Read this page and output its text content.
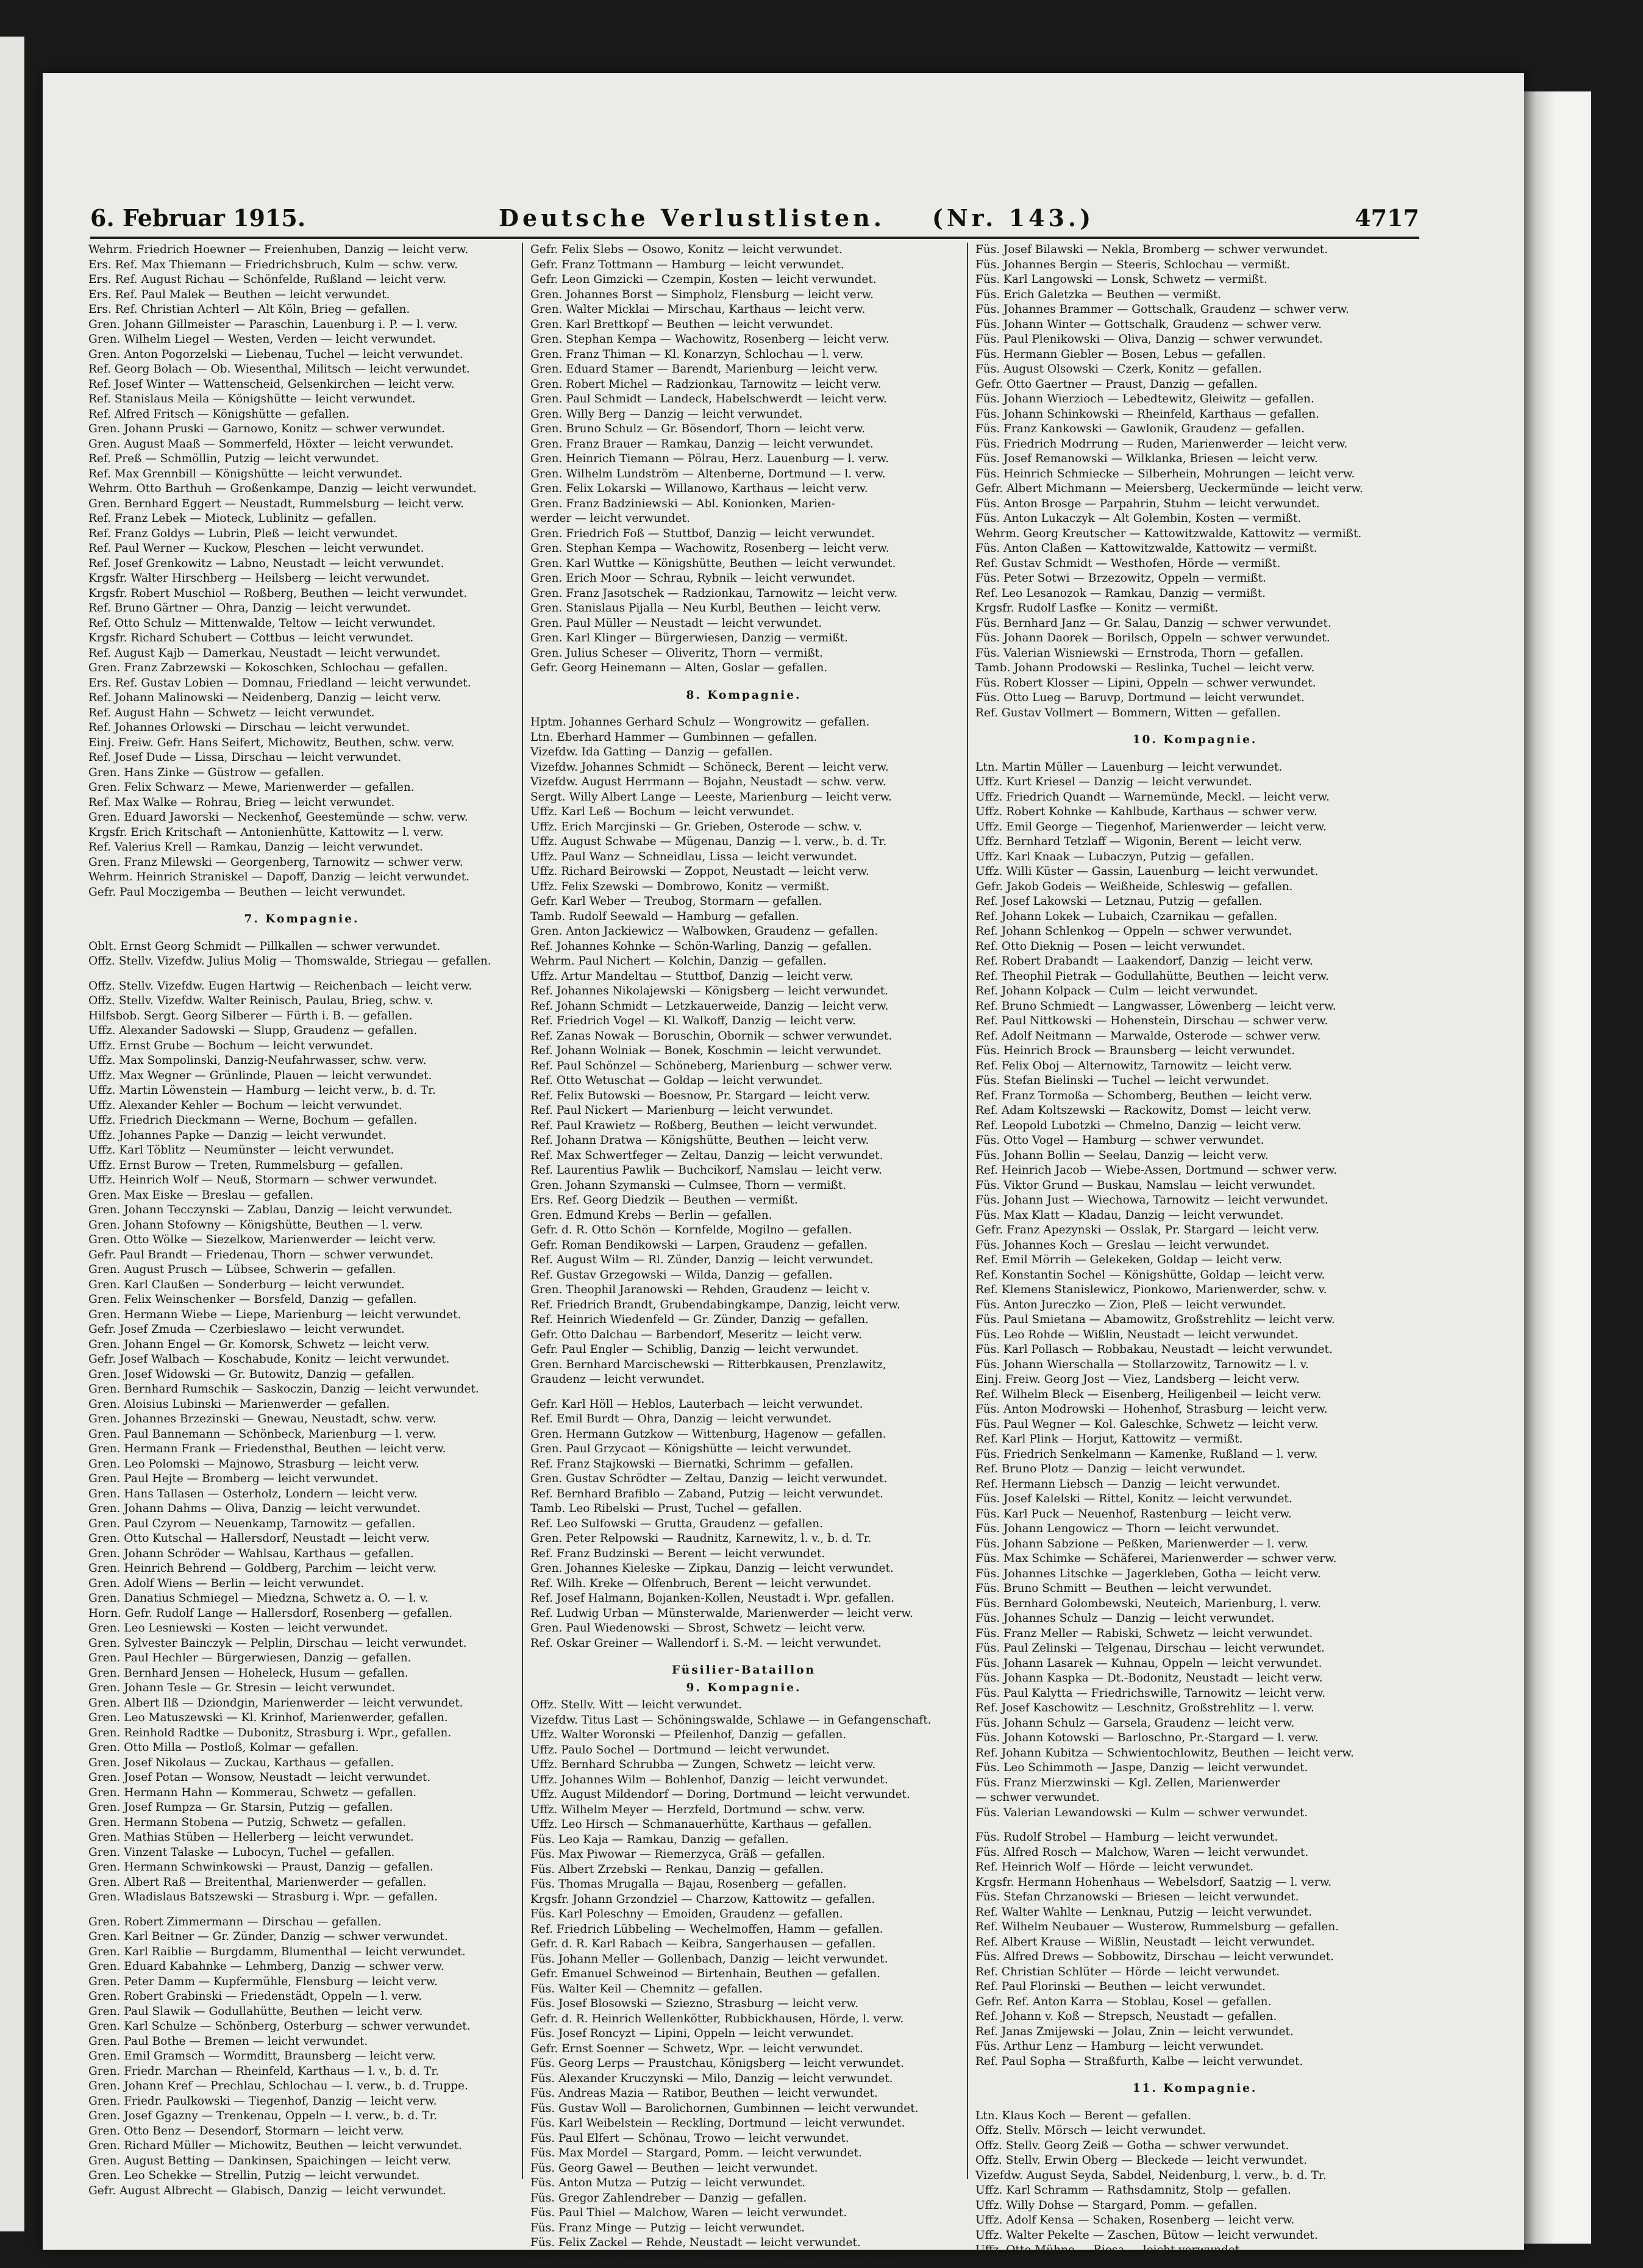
6. Februar 1915.	Deutsche Verlustlisten. (Nr. 143.)	4717
Wehrm. Friedrich Hoewner — Freienhuben, Danzig — leicht verw.
Ers. Ref. Max Thiemann — Friedrichsbruch, Kulm — schw. verw.
Ers. Ref. August Richau — Schönfelde, Rußland — leicht verw.
Ers. Ref. Paul Malek — Beuthen — leicht verwundet.
Ers. Ref. Christian Achterl — Alt Köln, Brieg — gefallen.
Gren. Johann Gillmeister — Paraschin, Lauenburg i. P. — l. verw.
Gren. Wilhelm Liegel — Westen, Verden — leicht verwundet.
Gren. Anton Pogorzelski — Liebenau, Tuchel — leicht verwundet.
Ref. Georg Bolach — Ob. Wiesenthal, Militsch — leicht verwundet.
Ref. Josef Winter — Wattenscheid, Gelsenkirchen — leicht verw.
Ref. Stanislaus Meila — Königshütte — leicht verwundet.
Ref. Alfred Fritsch — Königshütte — gefallen.
Gren. Johann Pruski — Garnowo, Konitz — schwer verwundet.
Gren. August Maaß — Sommerfeld, Höxter — leicht verwundet.
Ref. Preß — Schmöllin, Putzig — leicht verwundet.
Ref. Max Grennbill — Königshütte — leicht verwundet.
Wehrm. Otto Barthuh — Großenkampe, Danzig — leicht verwundet.
Gren. Bernhard Eggert — Neustadt, Rummelsburg — leicht verw.
Ref. Franz Lebek — Mioteck, Lublinitz — gefallen.
Ref. Franz Goldys — Lubrin, Pleß — leicht verwundet.
Ref. Paul Werner — Kuckow, Pleschen — leicht verwundet.
Ref. Josef Grenkowitz — Labno, Neustadt — leicht verwundet.
Krgsfr. Walter Hirschberg — Heilsberg — leicht verwundet.
Krgsfr. Robert Muschiol — Roßberg, Beuthen — leicht verwundet.
Ref. Bruno Gärtner — Ohra, Danzig — leicht verwundet.
Ref. Otto Schulz — Mittenwalde, Teltow — leicht verwundet.
Krgsfr. Richard Schubert — Cottbus — leicht verwundet.
Ref. August Kajb — Damerkau, Neustadt — leicht verwundet.
Gren. Franz Zabrzewski — Kokoschken, Schlochau — gefallen.
Ers. Ref. Gustav Lobien — Domnau, Friedland — leicht verwundet.
Ref. Johann Malinowski — Neidenberg, Danzig — leicht verw.
Ref. August Hahn — Schwetz — leicht verwundet.
Ref. Johannes Orlowski — Dirschau — leicht verwundet.
Einj. Freiw. Gefr. Hans Seifert, Michowitz, Beuthen, schw. verw.
Ref. Josef Dude — Lissa, Dirschau — leicht verwundet.
Gren. Hans Zinke — Güstrow — gefallen.
Gren. Felix Schwarz — Mewe, Marienwerder — gefallen.
Ref. Max Walke — Rohrau, Brieg — leicht verwundet.
Gren. Eduard Jaworski — Neckenhof, Geestemünde — schw. verw.
Krgsfr. Erich Kritschaft — Antonienhütte, Kattowitz — l. verw.
Ref. Valerius Krell — Ramkau, Danzig — leicht verwundet.
Gren. Franz Milewski — Georgenberg, Tarnowitz — schwer verw.
Wehrm. Heinrich Straniskel — Dapoff, Danzig — leicht verwundet.
Gefr. Paul Moczigemba — Beuthen — leicht verwundet.
7. Kompagnie.
Oblt. Ernst Georg Schmidt — Pillkallen — schwer verwundet.
Offz. Stellv. Vizefdw. Julius Molig — Thomswalde, Striegau — gefallen.
Offz. Stellv. Vizefdw. Eugen Hartwig — Reichenbach — leicht verw.
Offz. Stellv. Vizefdw. Walter Reinisch, Paulau, Brieg, schw. v.
Hilfsbob. Sergt. Georg Silberer — Fürth i. B. — gefallen.
Uffz. Alexander Sadowski — Slupp, Graudenz — gefallen.
Uffz. Ernst Grube — Bochum — leicht verwundet.
Uffz. Max Sompolinski, Danzig-Neufahrwasser, schw. verw.
Uffz. Max Wegner — Grünlinde, Plauen — leicht verwundet.
Uffz. Martin Löwenstein — Hamburg — leicht verw., b. d. Tr.
Uffz. Alexander Kehler — Bochum — leicht verwundet.
Uffz. Friedrich Dieckmann — Werne, Bochum — gefallen.
Uffz. Johannes Papke — Danzig — leicht verwundet.
Uffz. Karl Töblitz — Neumünster — leicht verwundet.
Uffz. Ernst Burow — Treten, Rummelsburg — gefallen.
Uffz. Heinrich Wolf — Neuß, Stormarn — schwer verwundet.
Gren. Max Eiske — Breslau — gefallen.
Gren. Johann Tecczynski — Zablau, Danzig — leicht verwundet.
Gren. Johann Stofowny — Königshütte, Beuthen — l. verw.
Gren. Otto Wölke — Siezelkow, Marienwerder — leicht verw.
Gefr. Paul Brandt — Friedenau, Thorn — schwer verwundet.
Gren. August Prusch — Lübsee, Schwerin — gefallen.
Gren. Karl Claußen — Sonderburg — leicht verwundet.
Gren. Felix Weinschenker — Borsfeld, Danzig — gefallen.
Gren. Hermann Wiebe — Liepe, Marienburg — leicht verwundet.
Gefr. Josef Zmuda — Czerbieslawo — leicht verwundet.
Gren. Johann Engel — Gr. Komorsk, Schwetz — leicht verw.
Gefr. Josef Walbach — Koschabude, Konitz — leicht verwundet.
Gren. Josef Widowski — Gr. Butowitz, Danzig — gefallen.
Gren. Bernhard Rumschik — Saskoczin, Danzig — leicht verwundet.
Gren. Aloisius Lubinski — Marienwerder — gefallen.
Gren. Johannes Brzezinski — Gnewau, Neustadt, schw. verw.
Gren. Paul Bannemann — Schönbeck, Marienburg — l. verw.
Gren. Hermann Frank — Friedensthal, Beuthen — leicht verw.
Gren. Leo Polomski — Majnowo, Strasburg — leicht verw.
Gren. Paul Hejte — Bromberg — leicht verwundet.
Gren. Hans Tallasen — Osterholz, Londern — leicht verw.
Gren. Johann Dahms — Oliva, Danzig — leicht verwundet.
Gren. Paul Czyrom — Neuenkamp, Tarnowitz — gefallen.
Gren. Otto Kutschal — Hallersdorf, Neustadt — leicht verw.
Gren. Johann Schröder — Wahlsau, Karthaus — gefallen.
Gren. Heinrich Behrend — Goldberg, Parchim — leicht verw.
Gren. Adolf Wiens — Berlin — leicht verwundet.
Gren. Danatius Schmiegel — Miedzna, Schwetz a. O. — l. v.
Horn. Gefr. Rudolf Lange — Hallersdorf, Rosenberg — gefallen.
Gren. Leo Lesniewski — Kosten — leicht verwundet.
Gren. Sylvester Bainczyk — Pelplin, Dirschau — leicht verwundet.
Gren. Paul Hechler — Bürgerwiesen, Danzig — gefallen.
Gren. Bernhard Jensen — Hoheleck, Husum — gefallen.
Gren. Johann Tesle — Gr. Stresin — leicht verwundet.
Gren. Albert Ilß — Dziondgin, Marienwerder — leicht verwundet.
Gren. Leo Matuszewski — Kl. Krinhof, Marienwerder, gefallen.
Gren. Reinhold Radtke — Dubonitz, Strasburg i. Wpr., gefallen.
Gren. Otto Milla — Postloß, Kolmar — gefallen.
Gren. Josef Nikolaus — Zuckau, Karthaus — gefallen.
Gren. Josef Potan — Wonsow, Neustadt — leicht verwundet.
Gren. Hermann Hahn — Kommerau, Schwetz — gefallen.
Gren. Josef Rumpza — Gr. Starsin, Putzig — gefallen.
Gren. Hermann Stobena — Putzig, Schwetz — gefallen.
Gren. Mathias Stüben — Hellerberg — leicht verwundet.
Gren. Vinzent Talaske — Lubocyn, Tuchel — gefallen.
Gren. Hermann Schwinkowski — Praust, Danzig — gefallen.
Gren. Albert Raß — Breitenthal, Marienwerder — gefallen.
Gren. Wladislaus Batszewski — Strasburg i. Wpr. — gefallen.
Gren. Robert Zimmermann — Dirschau — gefallen.
Gren. Karl Beitner — Gr. Zünder, Danzig — schwer verwundet.
Gren. Karl Raiblie — Burgdamm, Blumenthal — leicht verwundet.
Gren. Eduard Kabahnke — Lehmberg, Danzig — schwer verw.
Gren. Peter Damm — Kupfermühle, Flensburg — leicht verw.
Gren. Robert Grabinski — Friedenstädt, Oppeln — l. verw.
Gren. Paul Slawik — Godullahütte, Beuthen — leicht verw.
Gren. Karl Schulze — Schönberg, Osterburg — schwer verwundet.
Gren. Paul Bothe — Bremen — leicht verwundet.
Gren. Emil Gramsch — Wormditt, Braunsberg — leicht verw.
Gren. Friedr. Marchan — Rheinfeld, Karthaus — l. v., b. d. Tr.
Gren. Johann Kref — Prechlau, Schlochau — l. verw., b. d. Truppe.
Gren. Friedr. Paulkowski — Tiegenhof, Danzig — leicht verw.
Gren. Josef Ggazny — Trenkenau, Oppeln — l. verw., b. d. Tr.
Gren. Otto Benz — Desendorf, Stormarn — leicht verw.
Gren. Richard Müller — Michowitz, Beuthen — leicht verwundet.
Gren. August Betting — Dankinsen, Spaichingen — leicht verw.
Gren. Leo Schekke — Strellin, Putzig — leicht verwundet.
Gefr. August Albrecht — Glabisch, Danzig — leicht verwundet.
Gefr. Felix Slebs — Osowo, Konitz — leicht verwundet.
Gefr. Franz Tottmann — Hamburg — leicht verwundet.
Gefr. Leon Gimzicki — Czempin, Kosten — leicht verwundet.
Gren. Johannes Borst — Simpholz, Flensburg — leicht verw.
Gren. Walter Micklai — Mirschau, Karthaus — leicht verw.
Gren. Karl Brettkopf — Beuthen — leicht verwundet.
Gren. Stephan Kempa — Wachowitz, Rosenberg — leicht verw.
Gren. Franz Thiman — Kl. Konarzyn, Schlochau — l. verw.
Gren. Eduard Stamer — Barendt, Marienburg — leicht verw.
Gren. Robert Michel — Radzionkau, Tarnowitz — leicht verw.
Gren. Paul Schmidt — Landeck, Habelschwerdt — leicht verw.
Gren. Willy Berg — Danzig — leicht verwundet.
Gren. Bruno Schulz — Gr. Bösendorf, Thorn — leicht verw.
Gren. Franz Brauer — Ramkau, Danzig — leicht verwundet.
Gren. Heinrich Tiemann — Pölrau, Herz. Lauenburg — l. verw.
Gren. Wilhelm Lundström — Altenberne, Dortmund — l. verw.
Gren. Felix Lokarski — Willanowo, Karthaus — leicht verw.
Gren. Franz Badziniewski — Abl. Konionken, Marien-
werder — leicht verwundet.
Gren. Friedrich Foß — Stuttbof, Danzig — leicht verwundet.
Gren. Stephan Kempa — Wachowitz, Rosenberg — leicht verw.
Gren. Karl Wuttke — Königshütte, Beuthen — leicht verwundet.
Gren. Erich Moor — Schrau, Rybnik — leicht verwundet.
Gren. Franz Jasotschek — Radzionkau, Tarnowitz — leicht verw.
Gren. Stanislaus Pijalla — Neu Kurbl, Beuthen — leicht verw.
Gren. Paul Müller — Neustadt — leicht verwundet.
Gren. Karl Klinger — Bürgerwiesen, Danzig — vermißt.
Gren. Julius Scheser — Oliveritz, Thorn — vermißt.
Gefr. Georg Heinemann — Alten, Goslar — gefallen.
8. Kompagnie.
Hptm. Johannes Gerhard Schulz — Wongrowitz — gefallen.
Ltn. Eberhard Hammer — Gumbinnen — gefallen.
Vizefdw. Ida Gatting — Danzig — gefallen.
Vizefdw. Johannes Schmidt — Schöneck, Berent — leicht verw.
Vizefdw. August Herrmann — Bojahn, Neustadt — schw. verw.
Sergt. Willy Albert Lange — Leeste, Marienburg — leicht verw.
Uffz. Karl Leß — Bochum — leicht verwundet.
Uffz. Erich Marcjinski — Gr. Grieben, Osterode — schw. v.
Uffz. August Schwabe — Mügenau, Danzig — l. verw., b. d. Tr.
Uffz. Paul Wanz — Schneidlau, Lissa — leicht verwundet.
Uffz. Richard Beirowski — Zoppot, Neustadt — leicht verw.
Uffz. Felix Szewski — Dombrowo, Konitz — vermißt.
Gefr. Karl Weber — Treubog, Stormarn — gefallen.
Tamb. Rudolf Seewald — Hamburg — gefallen.
Gren. Anton Jackiewicz — Walbowken, Graudenz — gefallen.
Ref. Johannes Kohnke — Schön-Warling, Danzig — gefallen.
Wehrm. Paul Nichert — Kolchin, Danzig — gefallen.
Uffz. Artur Mandeltau — Stuttbof, Danzig — leicht verw.
Ref. Johannes Nikolajewski — Königsberg — leicht verwundet.
Ref. Johann Schmidt — Letzkauerweide, Danzig — leicht verw.
Ref. Friedrich Vogel — Kl. Walkoff, Danzig — leicht verw.
Ref. Zanas Nowak — Boruschin, Obornik — schwer verwundet.
Ref. Johann Wolniak — Bonek, Koschmin — leicht verwundet.
Ref. Paul Schönzel — Schöneberg, Marienburg — schwer verw.
Ref. Otto Wetuschat — Goldap — leicht verwundet.
Ref. Felix Butowski — Boesnow, Pr. Stargard — leicht verw.
Ref. Paul Nickert — Marienburg — leicht verwundet.
Ref. Paul Krawietz — Roßberg, Beuthen — leicht verwundet.
Ref. Johann Dratwa — Königshütte, Beuthen — leicht verw.
Ref. Max Schwertfeger — Zeltau, Danzig — leicht verwundet.
Ref. Laurentius Pawlik — Buchcikorf, Namslau — leicht verw.
Gren. Johann Szymanski — Culmsee, Thorn — vermißt.
Ers. Ref. Georg Diedzik — Beuthen — vermißt.
Gren. Edmund Krebs — Berlin — gefallen.
Gefr. d. R. Otto Schön — Kornfelde, Mogilno — gefallen.
Gefr. Roman Bendikowski — Larpen, Graudenz — gefallen.
Ref. August Wilm — Rl. Zünder, Danzig — leicht verwundet.
Ref. Gustav Grzegowski — Wilda, Danzig — gefallen.
Gren. Theophil Jaranowski — Rehden, Graudenz — leicht v.
Ref. Friedrich Brandt, Grubendabingkampe, Danzig, leicht verw.
Ref. Heinrich Wiedenfeld — Gr. Zünder, Danzig — gefallen.
Gefr. Otto Dalchau — Barbendorf, Meseritz — leicht verw.
Gefr. Paul Engler — Schiblig, Danzig — leicht verwundet.
Gren. Bernhard Marcischewski — Ritterbkausen, Prenzlawitz,
Graudenz — leicht verwundet.
Gefr. Karl Höll — Heblos, Lauterbach — leicht verwundet.
Ref. Emil Burdt — Ohra, Danzig — leicht verwundet.
Gren. Hermann Gutzkow — Wittenburg, Hagenow — gefallen.
Gren. Paul Grzycaot — Königshütte — leicht verwundet.
Ref. Franz Stajkowski — Biernatki, Schrimm — gefallen.
Gren. Gustav Schrödter — Zeltau, Danzig — leicht verwundet.
Ref. Bernhard Brafiblo — Zaband, Putzig — leicht verwundet.
Tamb. Leo Ribelski — Prust, Tuchel — gefallen.
Ref. Leo Sulfowski — Grutta, Graudenz — gefallen.
Gren. Peter Relpowski — Raudnitz, Karnewitz, l. v., b. d. Tr.
Ref. Franz Budzinski — Berent — leicht verwundet.
Gren. Johannes Kieleske — Zipkau, Danzig — leicht verwundet.
Ref. Wilh. Kreke — Olfenbruch, Berent — leicht verwundet.
Ref. Josef Halmann, Bojanken-Kollen, Neustadt i. Wpr. gefallen.
Ref. Ludwig Urban — Münsterwalde, Marienwerder — leicht verw.
Gren. Paul Wiedenowski — Sbrost, Schwetz — leicht verw.
Ref. Oskar Greiner — Wallendorf i. S.-M. — leicht verwundet.
Füsilier-Bataillon
9. Kompagnie.
Offz. Stellv. Witt — leicht verwundet.
Vizefdw. Titus Last — Schöningswalde, Schlawe — in Gefangenschaft.
Uffz. Walter Woronski — Pfeilenhof, Danzig — gefallen.
Uffz. Paulo Sochel — Dortmund — leicht verwundet.
Uffz. Bernhard Schrubba — Zungen, Schwetz — leicht verw.
Uffz. Johannes Wilm — Bohlenhof, Danzig — leicht verwundet.
Uffz. August Mildendorf — Doring, Dortmund — leicht verwundet.
Uffz. Wilhelm Meyer — Herzfeld, Dortmund — schw. verw.
Uffz. Leo Hirsch — Schmanauerhütte, Karthaus — gefallen.
Füs. Leo Kaja — Ramkau, Danzig — gefallen.
Füs. Max Piwowar — Riemerzyca, Gräß — gefallen.
Füs. Albert Zrzebski — Renkau, Danzig — gefallen.
Füs. Thomas Mrugalla — Bajau, Rosenberg — gefallen.
Krgsfr. Johann Grzondziel — Charzow, Kattowitz — gefallen.
Füs. Karl Poleschny — Emoiden, Graudenz — gefallen.
Ref. Friedrich Lübbeling — Wechelmoffen, Hamm — gefallen.
Gefr. d. R. Karl Rabach — Keibra, Sangerhausen — gefallen.
Füs. Johann Meller — Gollenbach, Danzig — leicht verwundet.
Gefr. Emanuel Schweinod — Birtenhain, Beuthen — gefallen.
Füs. Walter Keil — Chemnitz — gefallen.
Füs. Josef Blosowski — Sziezno, Strasburg — leicht verw.
Gefr. d. R. Heinrich Wellenkötter, Rubbickhausen, Hörde, l. verw.
Füs. Josef Roncyzt — Lipini, Oppeln — leicht verwundet.
Gefr. Ernst Soenner — Schwetz, Wpr. — leicht verwundet.
Füs. Georg Lerps — Praustchau, Königsberg — leicht verwundet.
Füs. Alexander Kruczynski — Milo, Danzig — leicht verwundet.
Füs. Andreas Mazia — Ratibor, Beuthen — leicht verwundet.
Füs. Gustav Woll — Barolichornen, Gumbinnen — leicht verwundet.
Füs. Karl Weibelstein — Reckling, Dortmund — leicht verwundet.
Füs. Paul Elfert — Schönau, Trowo — leicht verwundet.
Füs. Max Mordel — Stargard, Pomm. — leicht verwundet.
Füs. Georg Gawel — Beuthen — leicht verwundet.
Füs. Anton Mutza — Putzig — leicht verwundet.
Füs. Gregor Zahlendreber — Danzig — gefallen.
Füs. Paul Thiel — Malchow, Waren — leicht verwundet.
Füs. Franz Minge — Putzig — leicht verwundet.
Füs. Felix Zackel — Rehde, Neustadt — leicht verwundet.
Füs. Bronislaus Zolkowski — Gloveczewitz, Konitz — leicht verw.
Füs. Josef Bilawski — Nekla, Bromberg — schwer verwundet.
Füs. Johannes Bergin — Steeris, Schlochau — vermißt.
Füs. Karl Langowski — Lonsk, Schwetz — vermißt.
Füs. Erich Galetzka — Beuthen — vermißt.
Füs. Johannes Brammer — Gottschalk, Graudenz — schwer verw.
Füs. Johann Winter — Gottschalk, Graudenz — schwer verw.
Füs. Paul Plenikowski — Oliva, Danzig — schwer verwundet.
Füs. Hermann Giebler — Bosen, Lebus — gefallen.
Füs. August Olsowski — Czerk, Konitz — gefallen.
Gefr. Otto Gaertner — Praust, Danzig — gefallen.
Füs. Johann Wierzioch — Lebedtewitz, Gleiwitz — gefallen.
Füs. Johann Schinkowski — Rheinfeld, Karthaus — gefallen.
Füs. Franz Kankowski — Gawlonik, Graudenz — gefallen.
Füs. Friedrich Modrrung — Ruden, Marienwerder — leicht verw.
Füs. Josef Remanowski — Wilklanka, Briesen — leicht verw.
Füs. Heinrich Schmiecke — Silberhein, Mohrungen — leicht verw.
Gefr. Albert Michmann — Meiersberg, Ueckermünde — leicht verw.
Füs. Anton Brosge — Parpahrin, Stuhm — leicht verwundet.
Füs. Anton Lukaczyk — Alt Golembin, Kosten — vermißt.
Wehrm. Georg Kreutscher — Kattowitzwalde, Kattowitz — vermißt.
Füs. Anton Claßen — Kattowitzwalde, Kattowitz — vermißt.
Ref. Gustav Schmidt — Westhofen, Hörde — vermißt.
Füs. Peter Sotwi — Brzezowitz, Oppeln — vermißt.
Ref. Leo Lesanozok — Ramkau, Danzig — vermißt.
Krgsfr. Rudolf Lasfke — Konitz — vermißt.
Füs. Bernhard Janz — Gr. Salau, Danzig — schwer verwundet.
Füs. Johann Daorek — Borilsch, Oppeln — schwer verwundet.
Füs. Valerian Wisniewski — Ernstroda, Thorn — gefallen.
Tamb. Johann Prodowski — Reslinka, Tuchel — leicht verw.
Füs. Robert Klosser — Lipini, Oppeln — schwer verwundet.
Füs. Otto Lueg — Baruvp, Dortmund — leicht verwundet.
Ref. Gustav Vollmert — Bommern, Witten — gefallen.
10. Kompagnie.
Ltn. Martin Müller — Lauenburg — leicht verwundet.
Uffz. Kurt Kriesel — Danzig — leicht verwundet.
Uffz. Friedrich Quandt — Warnemünde, Meckl. — leicht verw.
Uffz. Robert Kohnke — Kahlbude, Karthaus — schwer verw.
Uffz. Emil George — Tiegenhof, Marienwerder — leicht verw.
Uffz. Bernhard Tetzlaff — Wigonin, Berent — leicht verw.
Uffz. Karl Knaak — Lubaczyn, Putzig — gefallen.
Uffz. Willi Küster — Gassin, Lauenburg — leicht verwundet.
Gefr. Jakob Godeis — Weißheide, Schleswig — gefallen.
Ref. Josef Lakowski — Letznau, Putzig — gefallen.
Ref. Johann Lokek — Lubaich, Czarnikau — gefallen.
Ref. Johann Schlenkog — Oppeln — schwer verwundet.
Ref. Otto Dieknig — Posen — leicht verwundet.
Ref. Robert Drabandt — Laakendorf, Danzig — leicht verw.
Ref. Theophil Pietrak — Godullahütte, Beuthen — leicht verw.
Ref. Johann Kolpack — Culm — leicht verwundet.
Ref. Bruno Schmiedt — Langwasser, Löwenberg — leicht verw.
Ref. Paul Nittkowski — Hohenstein, Dirschau — schwer verw.
Ref. Adolf Neitmann — Marwalde, Osterode — schwer verw.
Füs. Heinrich Brock — Braunsberg — leicht verwundet.
Ref. Felix Oboj — Alternowitz, Tarnowitz — leicht verw.
Füs. Stefan Bielinski — Tuchel — leicht verwundet.
Ref. Franz Tormoßa — Schomberg, Beuthen — leicht verw.
Ref. Adam Koltszewski — Rackowitz, Domst — leicht verw.
Ref. Leopold Lubotzki — Chmelno, Danzig — leicht verw.
Füs. Otto Vogel — Hamburg — schwer verwundet.
Füs. Johann Bollin — Seelau, Danzig — leicht verw.
Ref. Heinrich Jacob — Wiebe-Assen, Dortmund — schwer verw.
Füs. Viktor Grund — Buskau, Namslau — leicht verwundet.
Füs. Johann Just — Wiechowa, Tarnowitz — leicht verwundet.
Füs. Max Klatt — Kladau, Danzig — leicht verwundet.
Gefr. Franz Apezynski — Osslak, Pr. Stargard — leicht verw.
Füs. Johannes Koch — Greslau — leicht verwundet.
Ref. Emil Mörrih — Gelekeken, Goldap — leicht verw.
Ref. Konstantin Sochel — Königshütte, Goldap — leicht verw.
Ref. Klemens Stanislewicz, Pionkowo, Marienwerder, schw. v.
Füs. Anton Jureczko — Zion, Pleß — leicht verwundet.
Füs. Paul Smietana — Abamowitz, Großstrehlitz — leicht verw.
Füs. Leo Rohde — Wißlin, Neustadt — leicht verwundet.
Füs. Karl Pollasch — Robbakau, Neustadt — leicht verwundet.
Füs. Johann Wierschalla — Stollarzowitz, Tarnowitz — l. v.
Einj. Freiw. Georg Jost — Viez, Landsberg — leicht verw.
Ref. Wilhelm Bleck — Eisenberg, Heiligenbeil — leicht verw.
Füs. Anton Modrowski — Hohenhof, Strasburg — leicht verw.
Füs. Paul Wegner — Kol. Galeschke, Schwetz — leicht verw.
Ref. Karl Plink — Horjut, Kattowitz — vermißt.
Füs. Friedrich Senkelmann — Kamenke, Rußland — l. verw.
Ref. Bruno Plotz — Danzig — leicht verwundet.
Ref. Hermann Liebsch — Danzig — leicht verwundet.
Füs. Josef Kalelski — Rittel, Konitz — leicht verwundet.
Füs. Karl Puck — Neuenhof, Rastenburg — leicht verw.
Füs. Johann Lengowicz — Thorn — leicht verwundet.
Füs. Johann Sabzione — Peßken, Marienwerder — l. verw.
Füs. Max Schimke — Schäferei, Marienwerder — schwer verw.
Füs. Johannes Litschke — Jagerkleben, Gotha — leicht verw.
Füs. Bruno Schmitt — Beuthen — leicht verwundet.
Füs. Bernhard Golombewski, Neuteich, Marienburg, l. verw.
Füs. Johannes Schulz — Danzig — leicht verwundet.
Füs. Franz Meller — Rabiski, Schwetz — leicht verwundet.
Füs. Paul Zelinski — Telgenau, Dirschau — leicht verwundet.
Füs. Johann Lasarek — Kuhnau, Oppeln — leicht verwundet.
Füs. Johann Kaspka — Dt.-Bodonitz, Neustadt — leicht verw.
Füs. Paul Kalytta — Friedrichswille, Tarnowitz — leicht verw.
Ref. Josef Kaschowitz — Leschnitz, Großstrehlitz — l. verw.
Füs. Johann Schulz — Garsela, Graudenz — leicht verw.
Füs. Johann Kotowski — Barloschno, Pr.-Stargard — l. verw.
Ref. Johann Kubitza — Schwientochlowitz, Beuthen — leicht verw.
Füs. Leo Schimmoth — Jaspe, Danzig — leicht verwundet.
Füs. Franz Mierzwinski — Kgl. Zellen, Marienwerder
— schwer verwundet.
Füs. Valerian Lewandowski — Kulm — schwer verwundet.
Füs. Rudolf Strobel — Hamburg — leicht verwundet.
Füs. Alfred Rosch — Malchow, Waren — leicht verwundet.
Ref. Heinrich Wolf — Hörde — leicht verwundet.
Krgsfr. Hermann Hohenhaus — Webelsdorf, Saatzig — l. verw.
Füs. Stefan Chrzanowski — Briesen — leicht verwundet.
Ref. Walter Wahlte — Lenknau, Putzig — leicht verwundet.
Ref. Wilhelm Neubauer — Wusterow, Rummelsburg — gefallen.
Ref. Albert Krause — Wißlin, Neustadt — leicht verwundet.
Füs. Alfred Drews — Sobbowitz, Dirschau — leicht verwundet.
Ref. Christian Schlüter — Hörde — leicht verwundet.
Ref. Paul Florinski — Beuthen — leicht verwundet.
Gefr. Ref. Anton Karra — Stoblau, Kosel — gefallen.
Ref. Johann v. Koß — Strepsch, Neustadt — gefallen.
Ref. Janas Zmijewski — Jolau, Znin — leicht verwundet.
Füs. Arthur Lenz — Hamburg — leicht verwundet.
Ref. Paul Sopha — Straßfurth, Kalbe — leicht verwundet.
11. Kompagnie.
Ltn. Klaus Koch — Berent — gefallen.
Offz. Stellv. Mörsch — leicht verwundet.
Offz. Stellv. Georg Zeiß — Gotha — schwer verwundet.
Offz. Stellv. Erwin Oberg — Bleckede — leicht verwundet.
Vizefdw. August Seyda, Sabdel, Neidenburg, l. verw., b. d. Tr.
Uffz. Karl Schramm — Rathsdamnitz, Stolp — gefallen.
Uffz. Willy Dohse — Stargard, Pomm. — gefallen.
Uffz. Adolf Kensa — Schaken, Rosenberg — leicht verw.
Uffz. Walter Pekelte — Zaschen, Bütow — leicht verwundet.
Uffz. Otto Mühne — Riesa — leicht verwundet.
